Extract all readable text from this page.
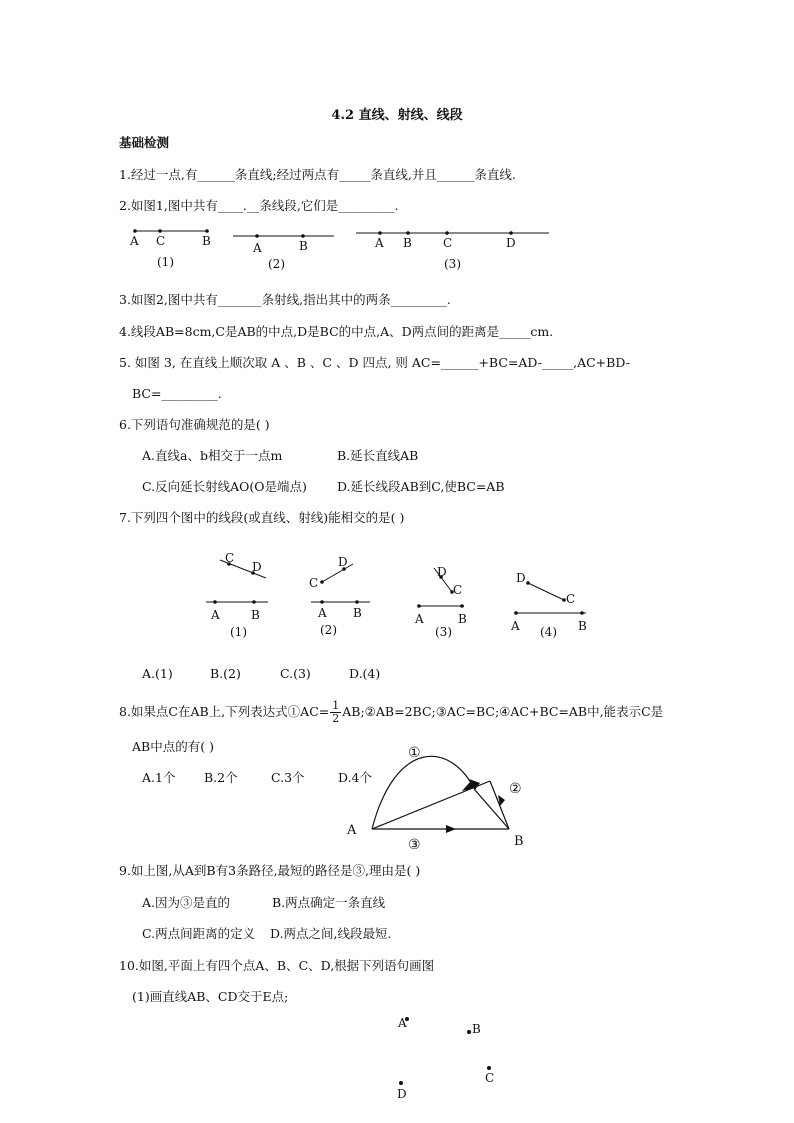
4.2 直线、射线、线段
基础检测
1.经过一点,有______条直线;经过两点有_____条直线,并且______条直线.
2.如图1,图中共有____.__条线段,它们是_________.
A C	B
(1)
A	B
(2)
A B	C	D
(3)
3.如图2,图中共有_______条射线,指出其中的两条_________.
4.线段AB=8cm,C是AB的中点,D是BC的中点,A、D两点间的距离是_____cm.
5. 如图 3, 在直线上顺次取 A 、B 、C 、D 四点, 则 AC=______+BC=AD-_____,AC+BD-
BC=_________.
6.下列语句准确规范的是( )
A.直线a、b相交于一点m	B.延长直线AB
C.反向延长射线AO(O是端点) D.延长线段AB到C,使BC=AB
7.下列四个图中的线段(或直线、射线)能相交的是( )
C
D
A	B
(1)
C
D
A B
(2)
D
C
A	B
(3)
D
C
A	B
(4)
A.(1)	B.(2)	C.(3)	D.(4)
8.如果点C在AB上,下列表达式①AC= $\frac{1}{2}$ AB;②AB=2BC;③AC=BC;④AC+BC=AB中,能表示C是
AB中点的有( )
A.1个 B.2个	C.3个	D.4个
A
B
①
②
③
9.如上图,从A到B有3条路径,最短的路径是③,理由是( )
A.因为③是直的	B.两点确定一条直线
C.两点间距离的定义 D.两点之间,线段最短.
10.如图,平面上有四个点A、B、C、D,根据下列语句画图
(1)画直线AB、CD交于E点;
A	B
C
D
